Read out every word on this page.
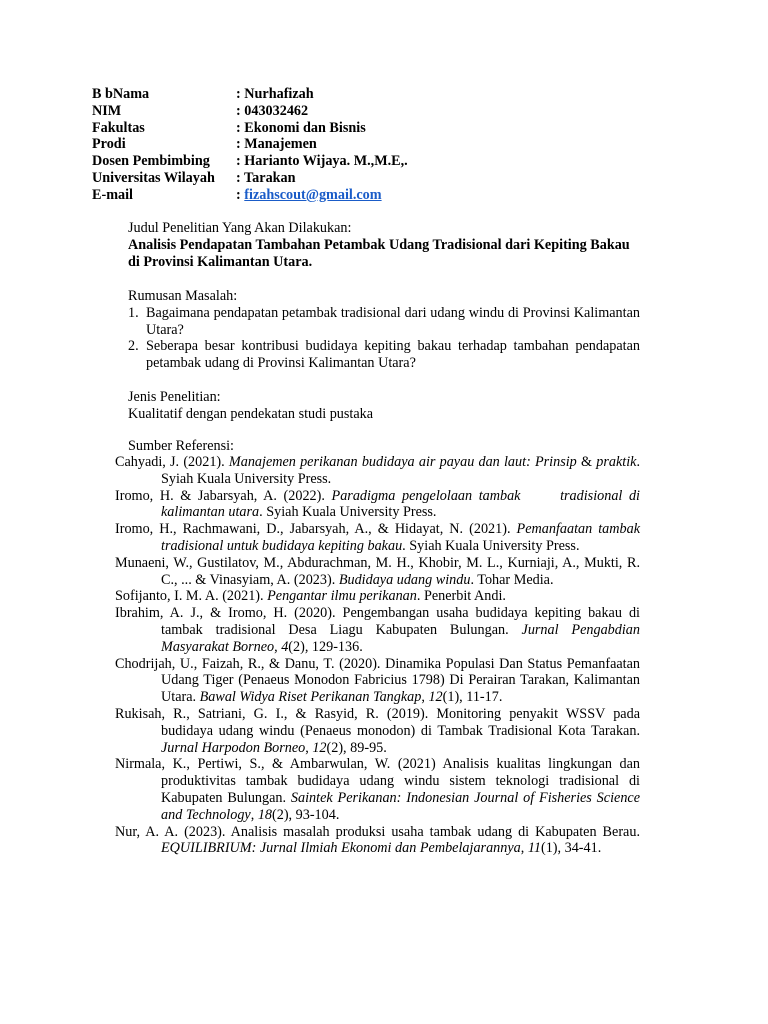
B bNama	: Nurhafizah
NIM	: 043032462
Fakultas	: Ekonomi dan Bisnis
Prodi	: Manajemen
Dosen Pembimbing	: Harianto Wijaya. M.,M.E,.
Universitas Wilayah	: Tarakan
E-mail	: fizahscout@gmail.com
Judul Penelitian Yang Akan Dilakukan:
Analisis Pendapatan Tambahan Petambak Udang Tradisional dari Kepiting Bakau di Provinsi Kalimantan Utara.
Rumusan Masalah:
1. Bagaimana pendapatan petambak tradisional dari udang windu di Provinsi Kalimantan Utara?
2. Seberapa besar kontribusi budidaya kepiting bakau terhadap tambahan pendapatan petambak udang di Provinsi Kalimantan Utara?
Jenis Penelitian:
Kualitatif dengan pendekatan studi pustaka
Sumber Referensi:
Cahyadi, J. (2021). Manajemen perikanan budidaya air payau dan laut: Prinsip & praktik. Syiah Kuala University Press.
Iromo, H. & Jabarsyah, A. (2022). Paradigma pengelolaan tambak      tradisional di kalimantan utara. Syiah Kuala University Press.
Iromo, H., Rachmawani, D., Jabarsyah, A., & Hidayat, N. (2021). Pemanfaatan tambak tradisional untuk budidaya kepiting bakau. Syiah Kuala University Press.
Munaeni, W., Gustilatov, M., Abdurachman, M. H., Khobir, M. L., Kurniaji, A., Mukti, R. C., ... & Vinasyiam, A. (2023). Budidaya udang windu. Tohar Media.
Sofijanto, I. M. A. (2021). Pengantar ilmu perikanan. Penerbit Andi.
Ibrahim, A. J., & Iromo, H. (2020). Pengembangan usaha budidaya kepiting bakau di tambak tradisional Desa Liagu Kabupaten Bulungan. Jurnal Pengabdian Masyarakat Borneo, 4(2), 129-136.
Chodrijah, U., Faizah, R., & Danu, T. (2020). Dinamika Populasi Dan Status Pemanfaatan Udang Tiger (Penaeus Monodon Fabricius 1798) Di Perairan Tarakan, Kalimantan Utara. Bawal Widya Riset Perikanan Tangkap, 12(1), 11-17.
Rukisah, R., Satriani, G. I., & Rasyid, R. (2019). Monitoring penyakit WSSV pada budidaya udang windu (Penaeus monodon) di Tambak Tradisional Kota Tarakan. Jurnal Harpodon Borneo, 12(2), 89-95.
Nirmala, K., Pertiwi, S., & Ambarwulan, W. (2021) Analisis kualitas lingkungan dan produktivitas tambak budidaya udang windu sistem teknologi tradisional di Kabupaten Bulungan. Saintek Perikanan: Indonesian Journal of Fisheries Science and Technology, 18(2), 93-104.
Nur, A. A. (2023). Analisis masalah produksi usaha tambak udang di Kabupaten Berau. EQUILIBRIUM: Jurnal Ilmiah Ekonomi dan Pembelajarannya, 11(1), 34-41.
